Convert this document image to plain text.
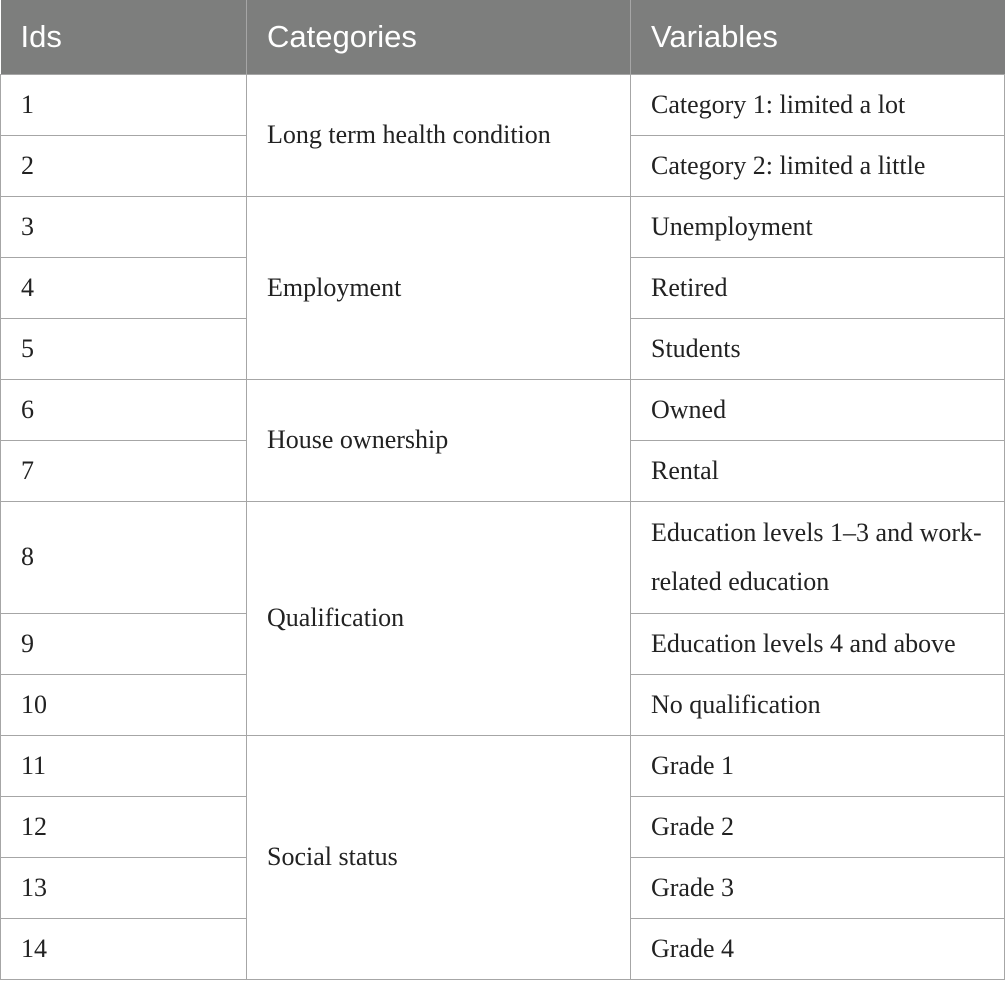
Ids	Categories	Variables
1	Long term health condition	Category 1: limited a lot
2		Category 2: limited a little
3	Employment	Unemployment
4		Retired
5		Students
6	House ownership	Owned
7		Rental
8	Qualification	Education levels 1–3 and work-related education
9		Education levels 4 and above
10		No qualification
11	Social status	Grade 1
12		Grade 2
13		Grade 3
14		Grade 4
